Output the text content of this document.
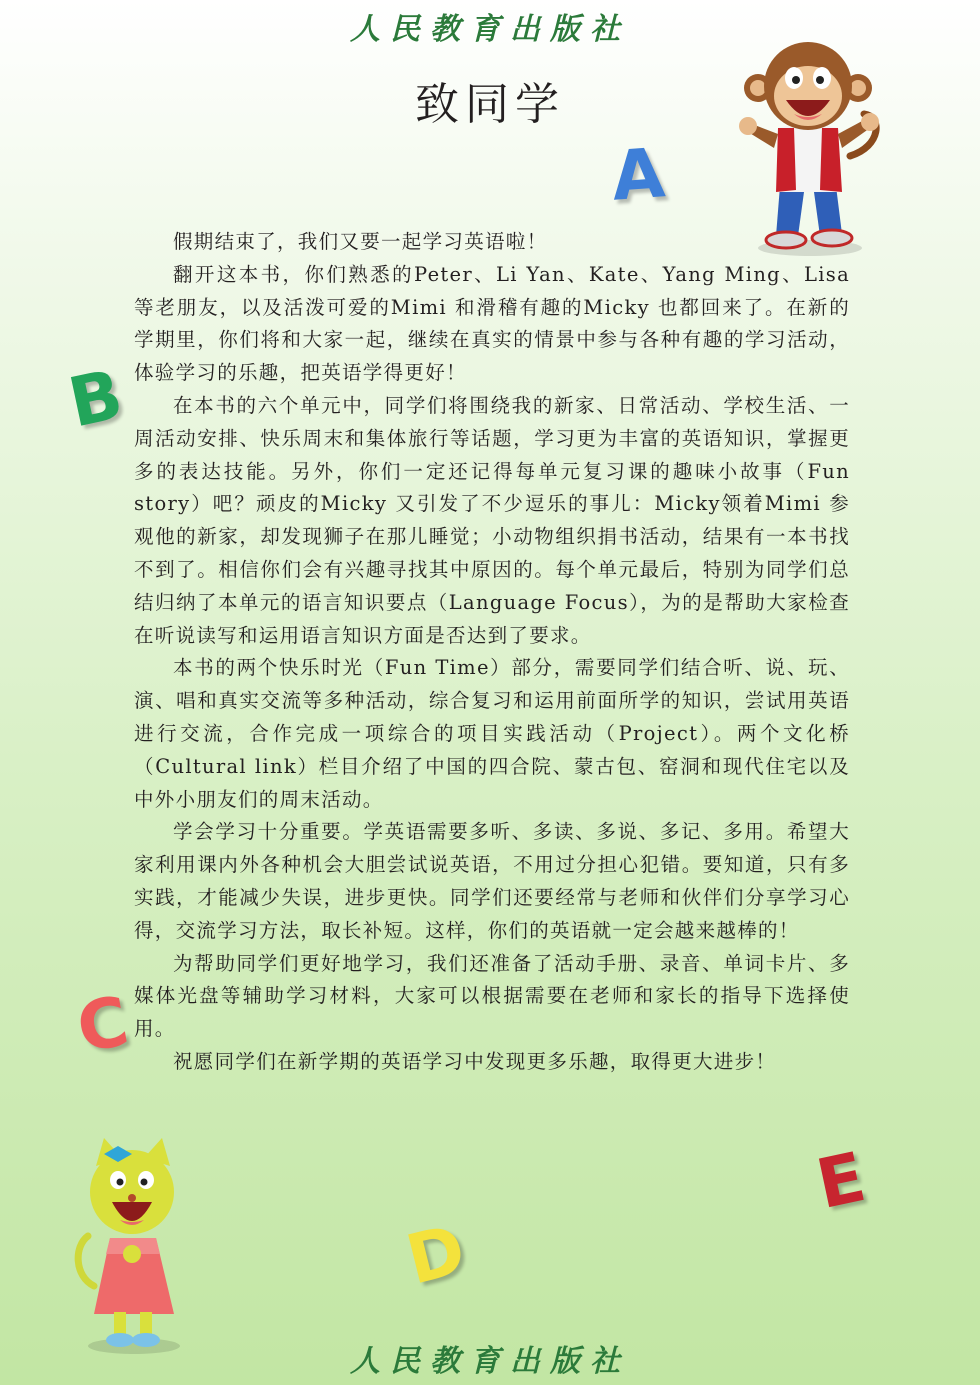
人民教育出版社
致同学
A
B
C
D
E

假期结束了，我们又要一起学习英语啦！

翻开这本书，你们熟悉的Peter、Li Yan、Kate、Yang Ming、Lisa 等老朋友，以及活泼可爱的Mimi 和滑稽有趣的Micky 也都回来了。在新的学期里，你们将和大家一起，继续在真实的情景中参与各种有趣的学习活动，体验学习的乐趣，把英语学得更好！

在本书的六个单元中，同学们将围绕我的新家、日常活动、学校生活、一周活动安排、快乐周末和集体旅行等话题，学习更为丰富的英语知识，掌握更多的表达技能。另外，你们一定还记得每单元复习课的趣味小故事（Fun story）吧？顽皮的Micky 又引发了不少逗乐的事儿：Micky领着Mimi 参观他的新家，却发现狮子在那儿睡觉；小动物组织捐书活动，结果有一本书找不到了。相信你们会有兴趣寻找其中原因的。每个单元最后，特别为同学们总结归纳了本单元的语言知识要点（Language Focus），为的是帮助大家检查在听说读写和运用语言知识方面是否达到了要求。

本书的两个快乐时光（Fun Time）部分，需要同学们结合听、说、玩、演、唱和真实交流等多种活动，综合复习和运用前面所学的知识，尝试用英语进行交流，合作完成一项综合的项目实践活动（Project）。两个文化桥（Cultural link）栏目介绍了中国的四合院、蒙古包、窑洞和现代住宅以及中外小朋友们的周末活动。

学会学习十分重要。学英语需要多听、多读、多说、多记、多用。希望大家利用课内外各种机会大胆尝试说英语，不用过分担心犯错。要知道，只有多实践，才能减少失误，进步更快。同学们还要经常与老师和伙伴们分享学习心得，交流学习方法，取长补短。这样，你们的英语就一定会越来越棒的！

为帮助同学们更好地学习，我们还准备了活动手册、录音、单词卡片、多媒体光盘等辅助学习材料，大家可以根据需要在老师和家长的指导下选择使用。

祝愿同学们在新学期的英语学习中发现更多乐趣，取得更大进步！

人民教育出版社
